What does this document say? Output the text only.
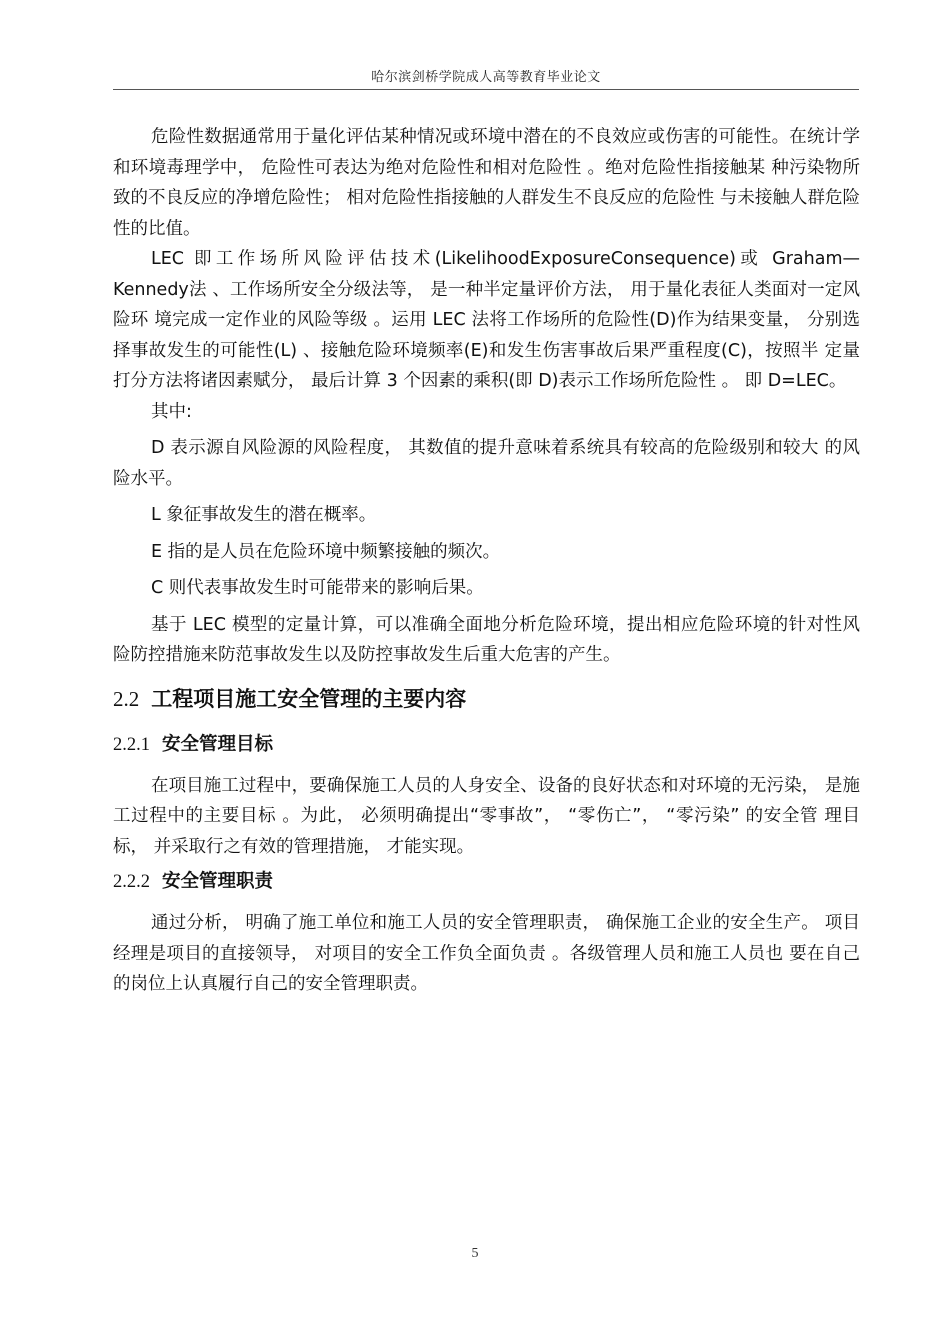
哈尔滨剑桥学院成人高等教育毕业论文

危险性数据通常用于量化评估某种情况或环境中潜在的不良效应或伤害的可能性。在统计学和环境毒理学中， 危险性可表达为绝对危险性和相对危险性 。绝对危险性指接触某 种污染物所致的不良反应的净增危险性； 相对危险性指接触的人群发生不良反应的危险性 与未接触人群危险性的比值。

LEC 即工作场所风险评估技术(LikelihoodExposureConsequence)或 Graham—Kennedy法 、工作场所安全分级法等， 是一种半定量评价方法， 用于量化表征人类面对一定风险环 境完成一定作业的风险等级 。运用 LEC 法将工作场所的危险性(D)作为结果变量， 分别选 择事故发生的可能性(L) 、接触危险环境频率(E)和发生伤害事故后果严重程度(C)，按照半 定量打分方法将诸因素赋分， 最后计算 3 个因素的乘积(即 D)表示工作场所危险性 。 即 D=LEC。

其中:

D 表示源自风险源的风险程度， 其数值的提升意味着系统具有较高的危险级别和较大 的风险水平。

L 象征事故发生的潜在概率。

E 指的是人员在危险环境中频繁接触的频次。

C 则代表事故发生时可能带来的影响后果。

基于 LEC 模型的定量计算，可以准确全面地分析危险环境，提出相应危险环境的针对性风险防控措施来防范事故发生以及防控事故发生后重大危害的产生。

2.2 工程项目施工安全管理的主要内容
2.2.1 安全管理目标

在项目施工过程中，要确保施工人员的人身安全、设备的良好状态和对环境的无污染， 是施工过程中的主要目标 。为此， 必须明确提出“零事故”， “零伤亡”， “零污染” 的安全管 理目标， 并采取行之有效的管理措施， 才能实现。

2.2.2 安全管理职责

通过分析， 明确了施工单位和施工人员的安全管理职责， 确保施工企业的安全生产。 项目经理是项目的直接领导， 对项目的安全工作负全面负责 。各级管理人员和施工人员也 要在自己的岗位上认真履行自己的安全管理职责。

5
